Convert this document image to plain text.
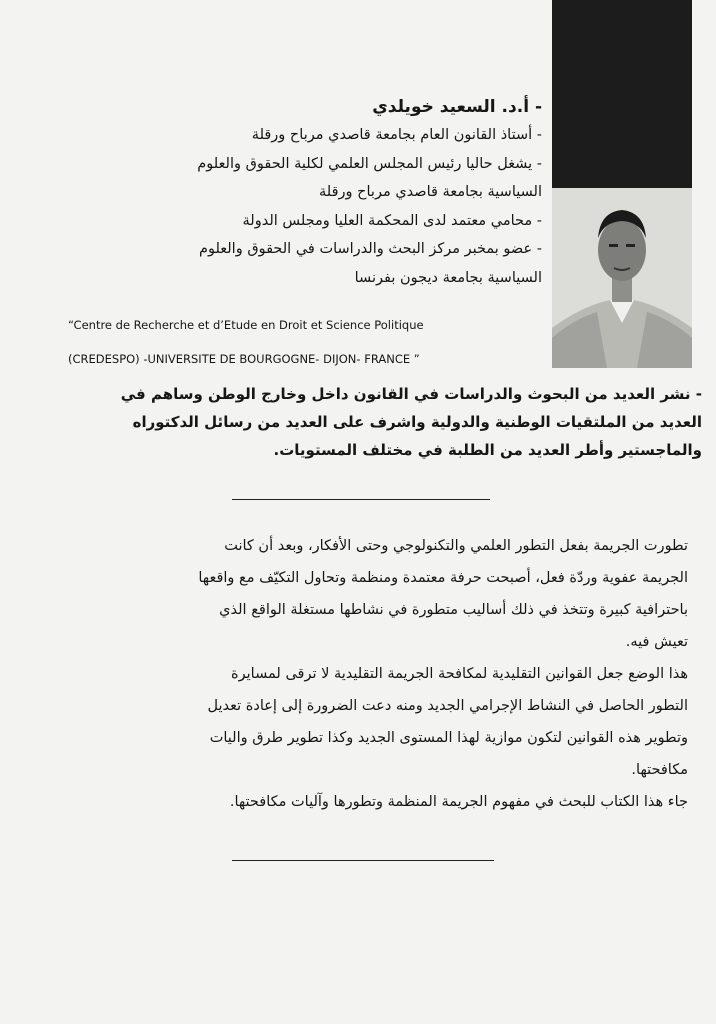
- أ.د. السعيد خويلدي
- أستاذ القانون العام بجامعة قاصدي مرباح ورقلة
- يشغل حاليا رئيس المجلس العلمي لكلية الحقوق والعلوم
السياسية بجامعة قاصدي مرباح ورقلة
- محامي معتمد لدى المحكمة العليا ومجلس الدولة
- عضو بمخبر مركز البحث والدراسات في الحقوق والعلوم
السياسية بجامعة ديجون بفرنسا
“Centre de Recherche et d’Etude en Droit et Science Politique
(CREDESPO) -UNIVERSITE DE BOURGOGNE- DIJON- FRANCE ”
- نشر العديد من البحوث والدراسات في القانون داخل وخارج الوطن وساهم في
العديد من الملتقيات الوطنية والدولية واشرف على العديد من رسائل الدكتوراه
والماجستير وأطر العديد من الطلبة في مختلف المستويات.
تطورت الجريمة بفعل التطور العلمي والتكنولوجي وحتى الأفكار، وبعد أن كانت
الجريمة عفوية وردّة فعل، أصبحت حرفة معتمدة ومنظمة وتحاول التكيّف مع واقعها
باحترافية كبيرة وتتخذ في ذلك أساليب متطورة في نشاطها مستغلة الواقع الذي
تعيش فيه.
هذا الوضع جعل القوانين التقليدية لمكافحة الجريمة التقليدية لا ترقى لمسايرة
التطور الحاصل في النشاط الإجرامي الجديد ومنه دعت الضرورة إلى إعادة تعديل
وتطوير هذه القوانين لتكون موازية لهذا المستوى الجديد وكذا تطوير طرق واليات
مكافحتها.
جاء هذا الكتاب للبحث في مفهوم الجريمة المنظمة وتطورها وآليات مكافحتها.
